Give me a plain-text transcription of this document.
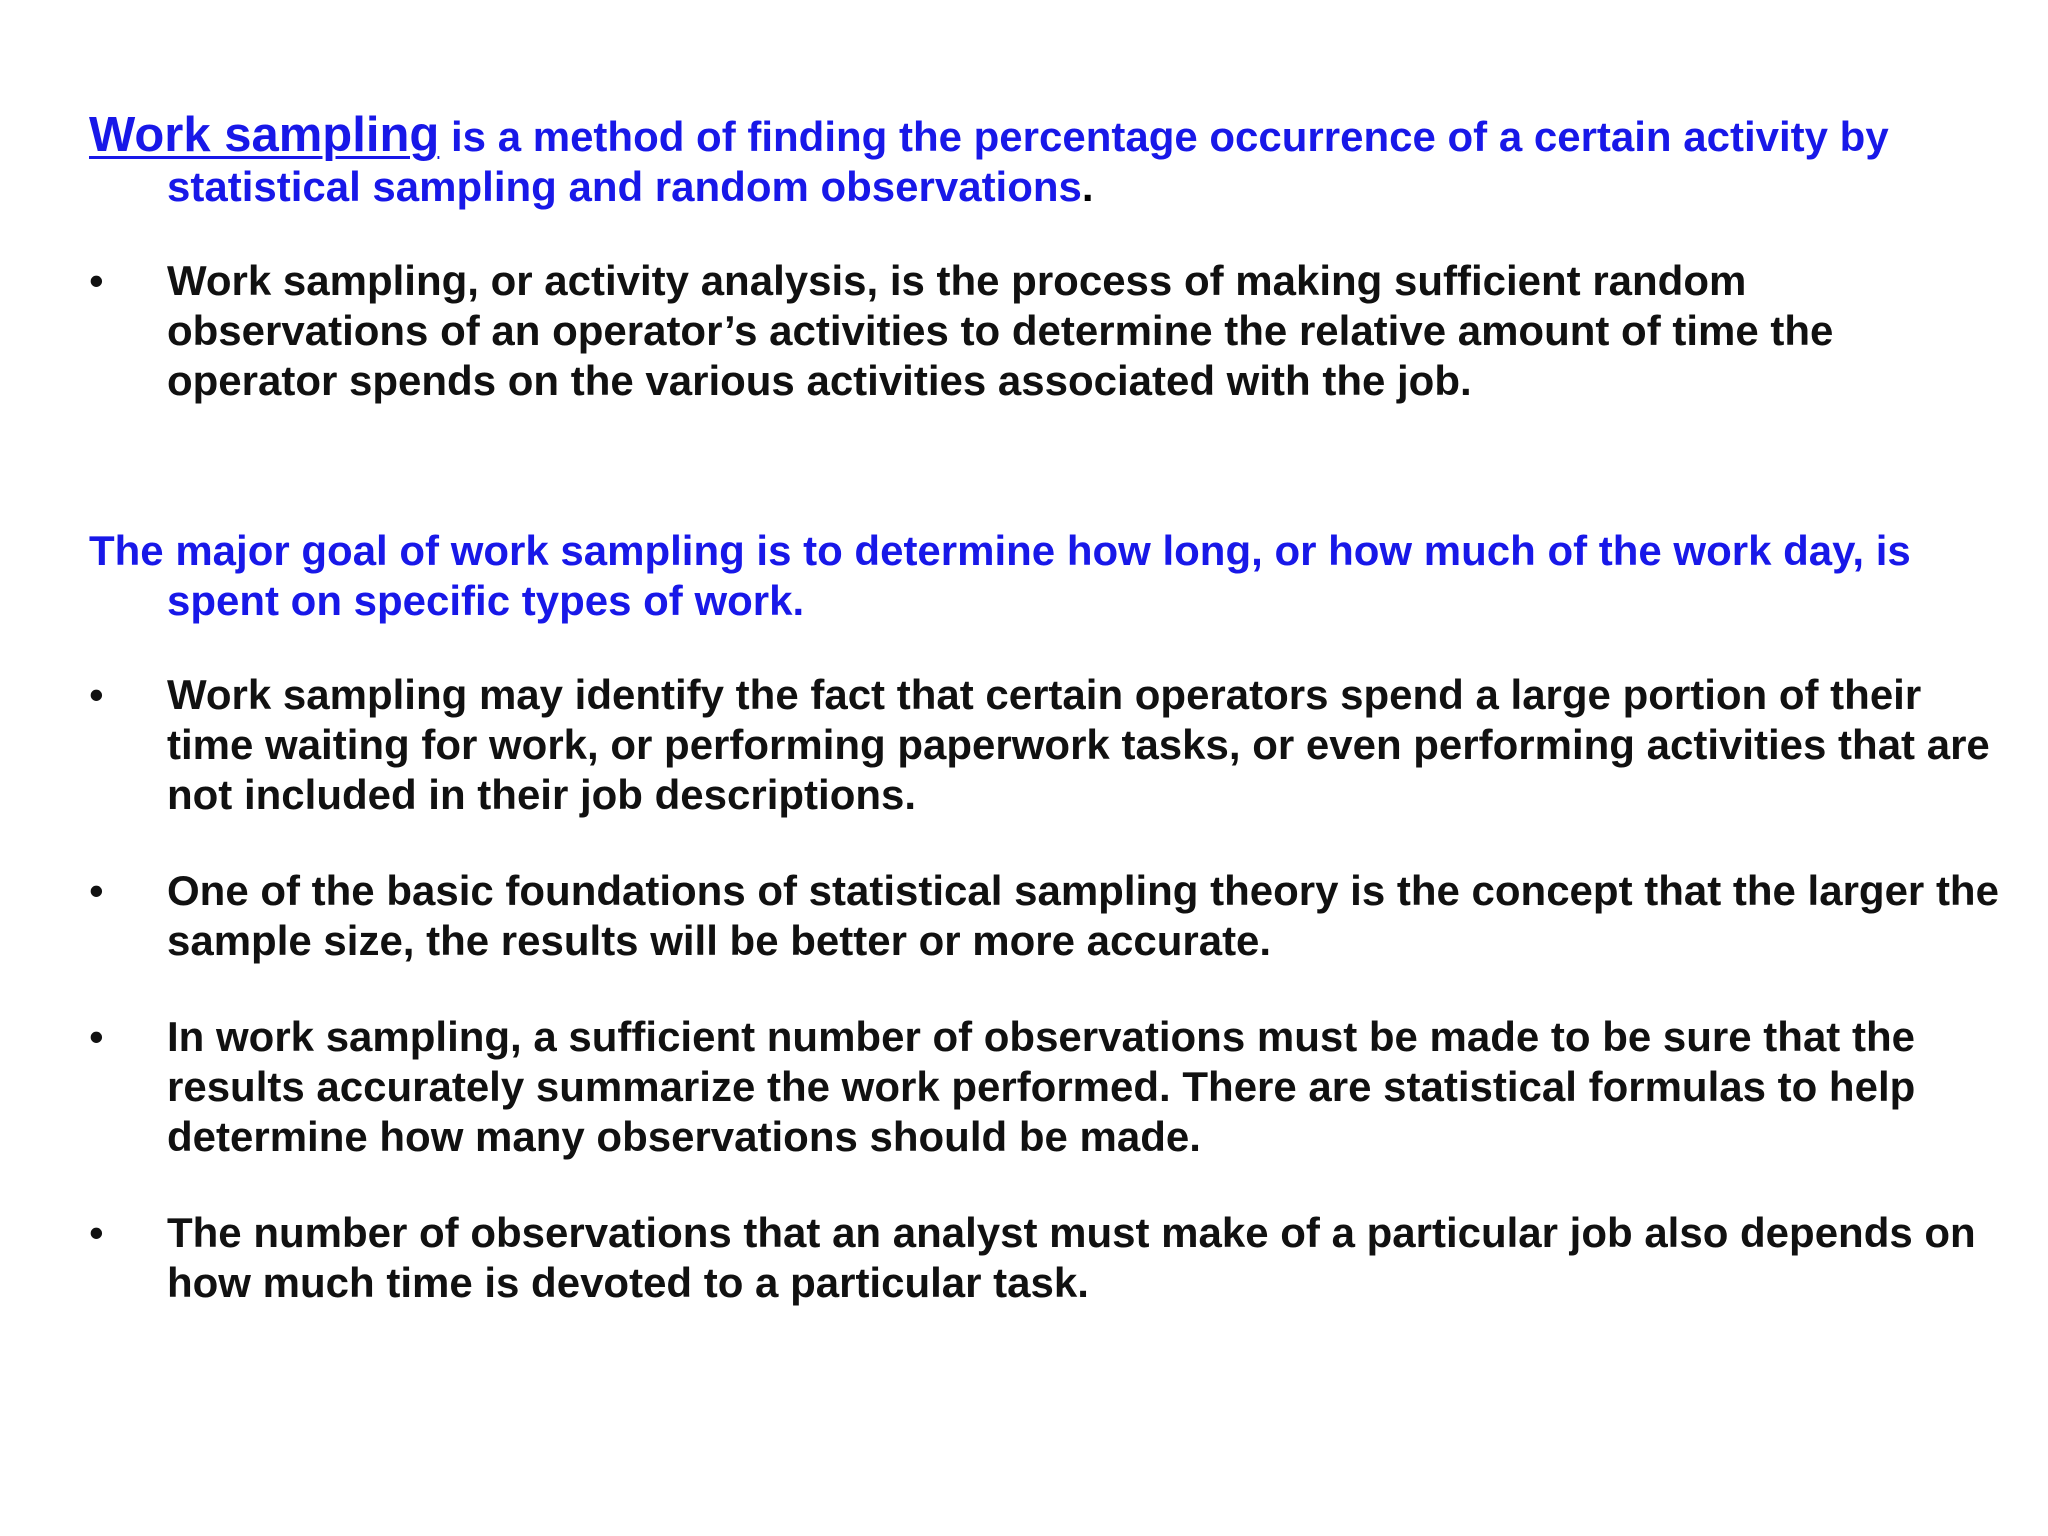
Work sampling is a method of finding the percentage occurrence of a certain activity by statistical sampling and random observations.

•	Work sampling, or activity analysis, is the process of making sufficient random observations of an operator’s activities to determine the relative amount of time the operator spends on the various activities associated with the job.

The major goal of work sampling is to determine how long, or how much of the work day, is spent on specific types of work.

•	Work sampling may identify the fact that certain operators spend a large portion of their time waiting for work, or performing paperwork tasks, or even performing activities that are not included in their job descriptions.

•	One of the basic foundations of statistical sampling theory is the concept that the larger the sample size, the results will be better or more accurate.

•	In work sampling, a sufficient number of observations must be made to be sure that the results accurately summarize the work performed. There are statistical formulas to help determine how many observations should be made.

•	The number of observations that an analyst must make of a particular job also depends on how much time is devoted to a particular task.
